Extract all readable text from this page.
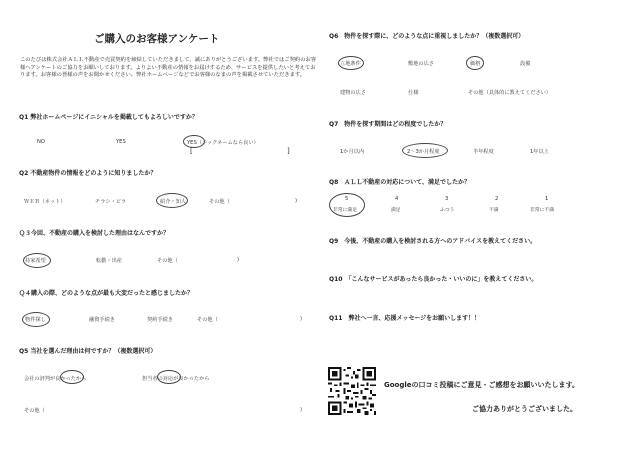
ご購入のお客様アンケート
このたびは株式会社ＡＬＬ不動産で売買契約を締結していただきまして、誠にありがとうございます。弊社ではご契約のお客様へアンケートのご協力をお願いしております。よりよい不動産の情報をお届けするため、サービスを提供したいと考えております。お客様の皆様の声をお聞かせください。弊社ホームページなどでお客様のなまの声を掲載させていただきます。
Q1 弊社ホームページにイニシャルを掲載してもよろしいですか？
NO	YES	YES（ニックネームなら良い）
[	]
Q2 不動産物件の情報をどのように知りましたか？
ＷＥＢ（ネット）	チラシ・ビラ	紹介・知人	その他（	)
Ｑ３今回、不動産の購入を検討した理由はなんですか？
持家希望	転勤・出産	その他（	)
Ｑ４購入の際、どのような点が最も大変だったと感じましたか？
物件探し	融資手続き	契約手続き	その他（	)
Q5 当社を選んだ理由は何ですか？（複数選択可）
会社の評判が良かったから	担当者の対応が良かったから
その他（	)
Q6　物件を探す際に、どのような点に重視しましたか？（複数選択可）
立地条件	敷地の広さ	価格	設備
建物の広さ	仕様	その他（具体的に教えてください）
Q7　物件を探す期間はどの程度でしたか？
1か月以内	2～3か月程度	半年程度	1年以上
Q8　ＡＬＬ不動産の対応について、満足でしたか？
5	4	3	2	1
非常に満足	満足	ふつう	不満	非常に不満
Q9　今後、不動産の購入を検討される方へのアドバイスを教えてください。
Q10　「こんなサービスがあったら良かった・いいのに」を教えてください。
Q11　弊社へ一言、応援メッセージをお願いします！！
Googleの口コミ投稿にご意見・ご感想をお願いいたします。
ご協力ありがとうございました。
